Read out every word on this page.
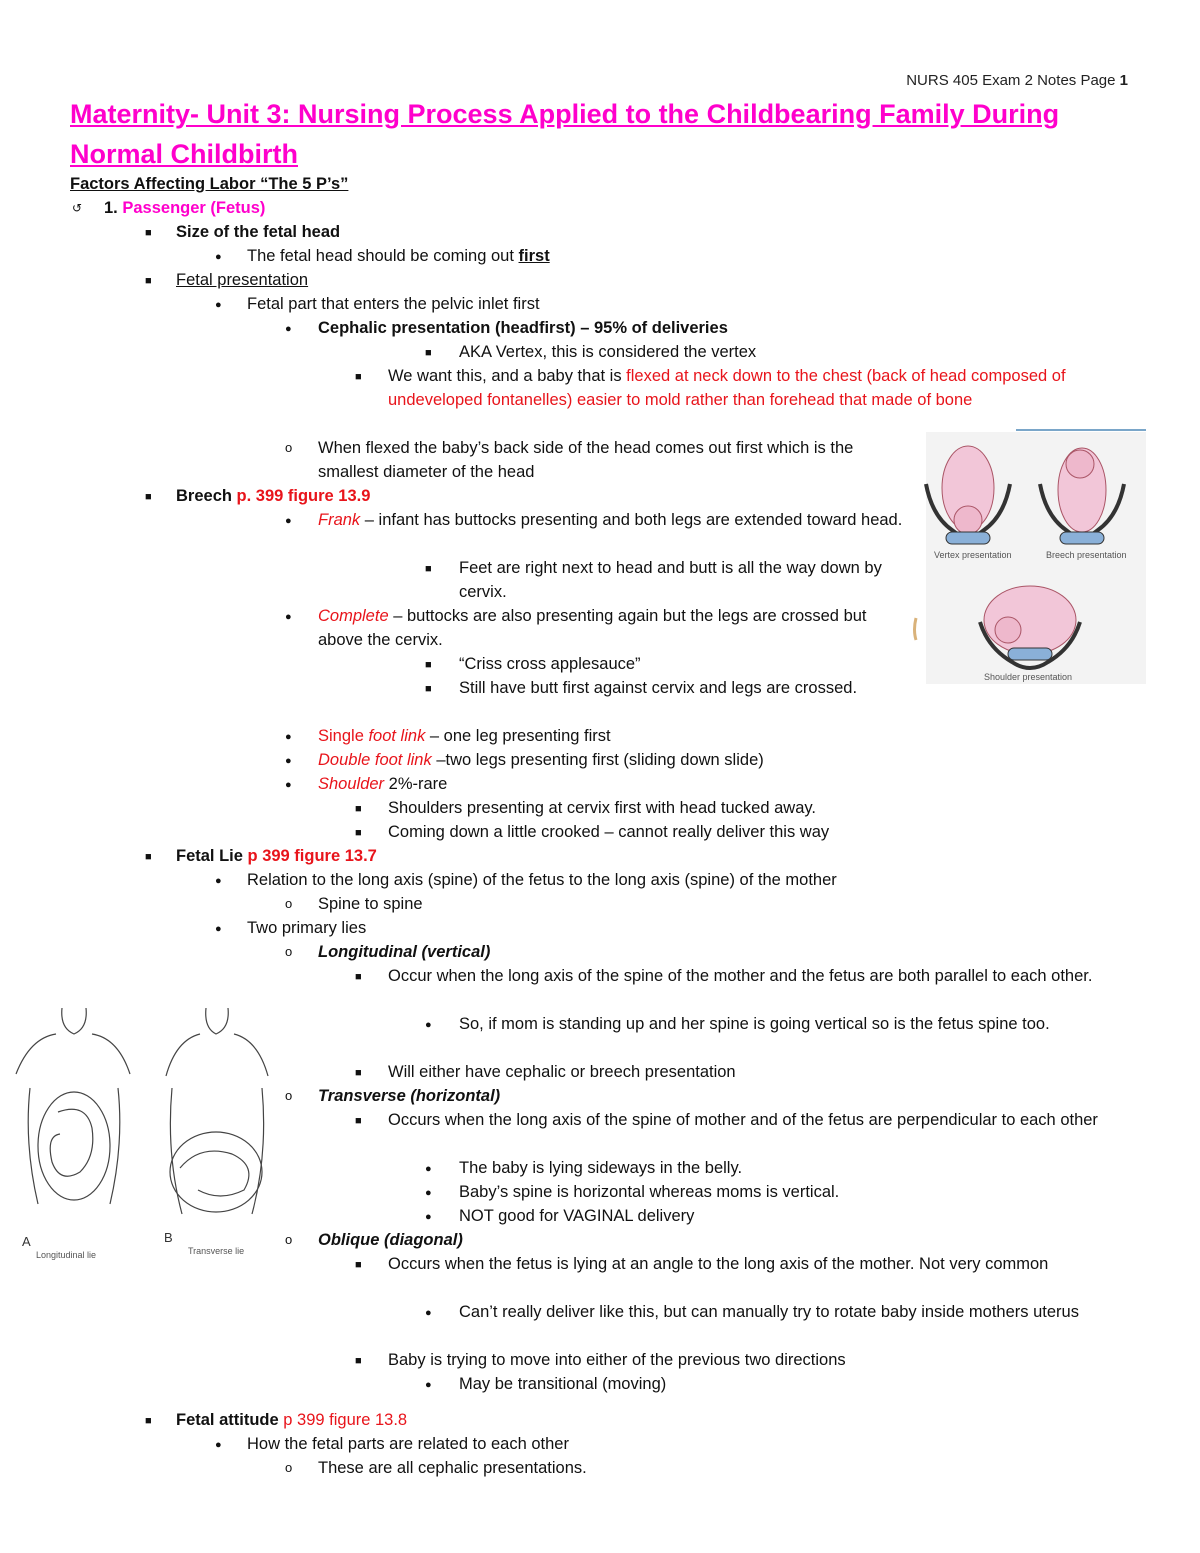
NURS 405 Exam 2 Notes Page 1
Maternity- Unit 3: Nursing Process Applied to the Childbearing Family During Normal Childbirth
Factors Affecting Labor “The 5 P’s”
↺ 1. Passenger (Fetus)
■
Size of the fetal head
●
The fetal head should be coming out first
■
Fetal presentation
●
Fetal part that enters the pelvic inlet first
●
Cephalic presentation (headfirst) – 95% of deliveries
■
AKA Vertex, this is considered the vertex
■
We want this, and a baby that is flexed at neck down to the chest (back of head composed of undeveloped fontanelles) easier to mold rather than forehead that made of bone
o
When flexed the baby’s back side of the head comes out first which is the smallest diameter of the head
■
Breech p. 399 figure 13.9
●
Frank – infant has buttocks presenting and both legs are extended toward head.
■
Feet are right next to head and butt is all the way down by cervix.
●
Complete – buttocks are also presenting again but the legs are crossed but above the cervix.
■
“Criss cross applesauce”
■
Still have butt first against cervix and legs are crossed.
●
Single foot link – one leg presenting first
●
Double foot link –two legs presenting first (sliding down slide)
●
Shoulder 2%-rare
■
Shoulders presenting at cervix first with head tucked away.
■
Coming down a little crooked – cannot really deliver this way
■
Fetal Lie p 399 figure 13.7
●
Relation to the long axis (spine) of the fetus to the long axis (spine) of the mother
o
Spine to spine
●
Two primary lies
o
Longitudinal (vertical)
■
Occur when the long axis of the spine of the mother and the fetus are both parallel to each other.
●
So, if mom is standing up and her spine is going vertical so is the fetus spine too.
■
Will either have cephalic or breech presentation
o
Transverse (horizontal)
■
Occurs when the long axis of the spine of mother and of the fetus are perpendicular to each other
●
The baby is lying sideways in the belly.
●
Baby’s spine is horizontal whereas moms is vertical.
●
NOT good for VAGINAL delivery
o
Oblique (diagonal)
■
Occurs when the fetus is lying at an angle to the long axis of the mother. Not very common
●
Can’t really deliver like this, but can manually try to rotate baby inside mothers uterus
■
Baby is trying to move into either of the previous two directions
●
May be transitional (moving)
■
Fetal attitude p 399 figure 13.8
●
How the fetal parts are related to each other
o
These are all cephalic presentations.
Vertex presentation	Breech presentation
Shoulder presentation
A
Longitudinal lie
B
Transverse lie
